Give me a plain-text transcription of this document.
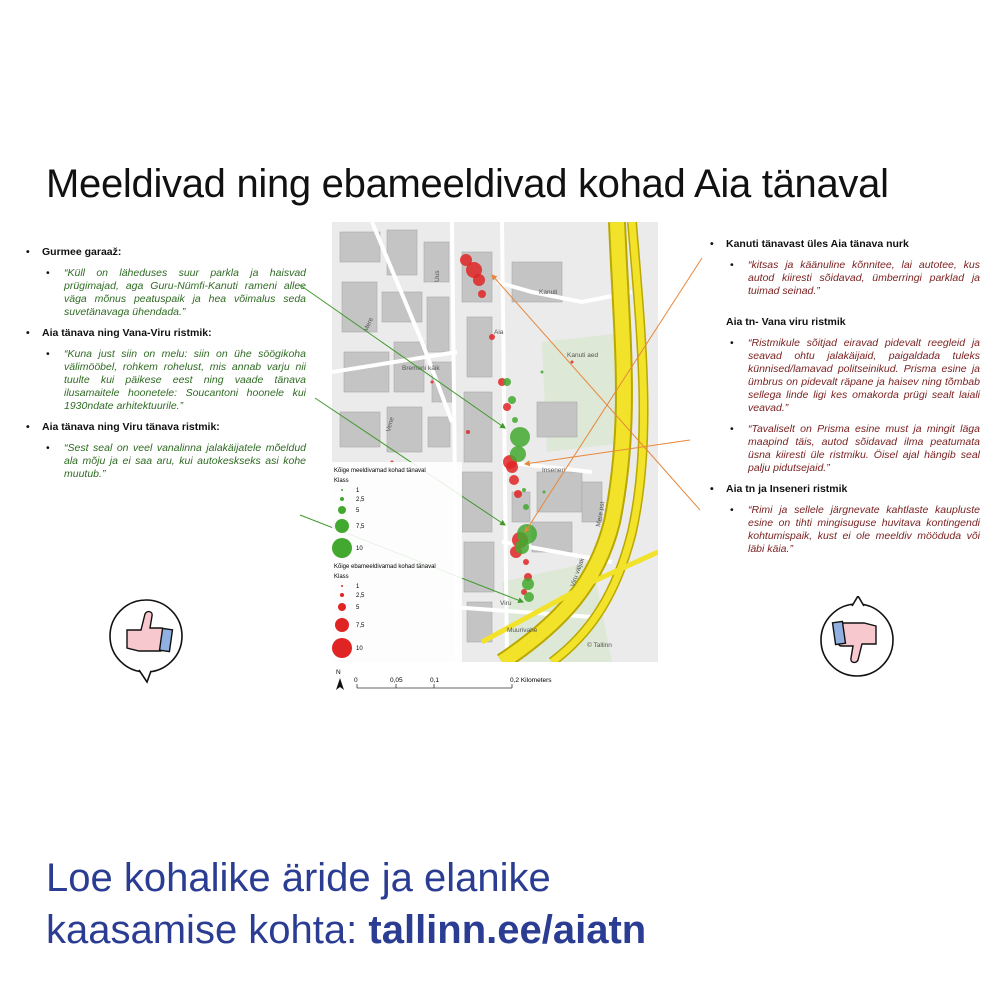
Meeldivad ning ebameeldivad kohad Aia tänaval
• Gurmee garaaž:
• “Küll on läheduses suur parkla ja haisvad prügimajad, aga Guru-Nümfi-Kanuti rameni allee väga mõnus peatuspaik ja hea võimalus seda suvetänavaga ühendada.”
• Aia tänava ning Vana-Viru ristmik:
• “Kuna just siin on melu: siin on ühe söögikoha välimööbel, rohkem rohelust, mis annab varju nii tuulte kui päikese eest ning vaade tänava ilusamaitele hoonetele: Soucantoni hoonele kui 1930ndate arhitektuurile.”
• Aia tänava ning Viru tänava ristmik:
• “Sest seal on veel vanalinna jalakäijatele mõeldud ala mõju ja ei saa aru, kui autokeskseks asi kohe muutub.”
• Kanuti tänavast üles Aia tänava nurk
• “kitsas ja käänuline kõnnitee, lai autotee, kus autod kiiresti sõidavad, ümberringi parklad ja tuimad seinad.”
Aia tn- Vana viru ristmik
• “Ristmikule sõitjad eiravad pidevalt reegleid ja seavad ohtu jalakäijaid, paigaldada tuleks künnised/lamavad politseinikud. Prisma esine ja ümbrus on pidevalt räpane ja haisev ning tõmbab sellega linde ligi kes omakorda prügi sealt laiali veavad.”
• “Tavaliselt on Prisma esine must ja mingit läga maapind täis, autod sõidavad ilma peatumata üsna kiiresti üle ristmiku. Öisel ajal hängib seal palju pidutsejaid.”
• Aia tn ja Inseneri ristmik
• “Rimi ja sellele järgnevate kahtlaste kaupluste esine on tihti mingisuguse huvitava kontingendi kohtumispaik, kust ei ole meeldiv mööduda või läbi käia.”
Kanuti
Inseneri
Viru
Kanuti aed
Bremeni käik
Aia
© Tallinn
Muurivahe
Uus
Vene
Mere
Mere pst
Viru väljak
Kõige meeldivamad kohad tänaval
Klass
1
2,5
5
7,5
10
Kõige ebameeldivamad kohad tänaval
Klass
1
2,5
5
7,5
10
N
0	0,05	0,1	0,2 Kilometers
Loe kohalike äride ja elanike
kaasamise kohta: tallinn.ee/aiatn
